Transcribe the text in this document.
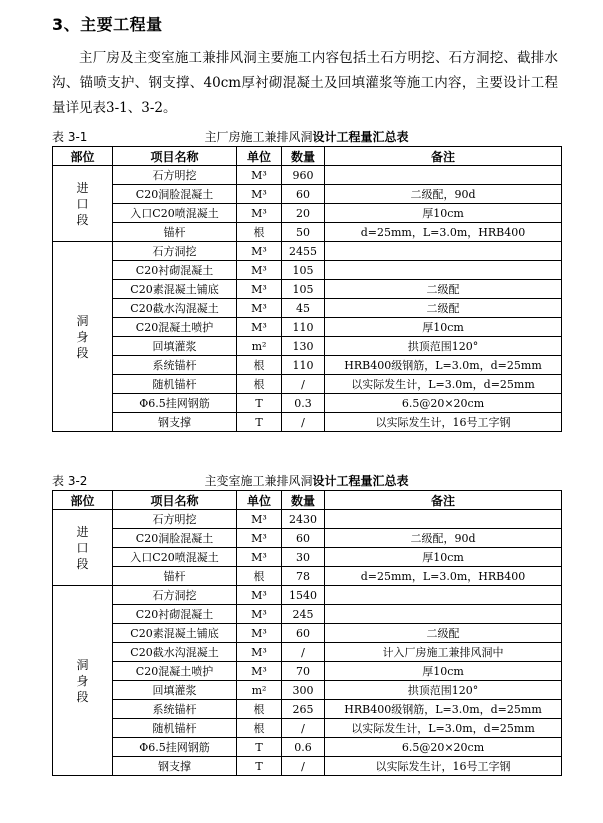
3、主要工程量
主厂房及主变室施工兼排风洞主要施工内容包括土石方明挖、石方洞挖、截排水沟、锚喷支护、钢支撑、40cm厚衬砌混凝土及回填灌浆等施工内容，主要设计工程量详见表3-1、3-2。
表 3-1	主厂房施工兼排风洞设计工程量汇总表
部位	项目名称	单位	数量	备注
进口段	石方明挖	M³	960	
	C20洞脸混凝土	M³	60	二级配，90d
	入口C20喷混凝土	M³	20	厚10cm
	锚杆	根	50	d=25mm，L=3.0m，HRB400
洞身段	石方洞挖	M³	2455	
	C20衬砌混凝土	M³	105	
	C20素混凝土铺底	M³	105	二级配
	C20截水沟混凝土	M³	45	二级配
	C20混凝土喷护	M³	110	厚10cm
	回填灌浆	m²	130	拱顶范围120°
	系统锚杆	根	110	HRB400级钢筋，L=3.0m，d=25mm
	随机锚杆	根	/	以实际发生计，L=3.0m，d=25mm
	Φ6.5挂网钢筋	T	0.3	6.5@20×20cm
	钢支撑	T	/	以实际发生计，16号工字钢
表 3-2	主变室施工兼排风洞设计工程量汇总表
部位	项目名称	单位	数量	备注
进口段	石方明挖	M³	2430	
	C20洞脸混凝土	M³	60	二级配，90d
	入口C20喷混凝土	M³	30	厚10cm
	锚杆	根	78	d=25mm，L=3.0m，HRB400
洞身段	石方洞挖	M³	1540	
	C20衬砌混凝土	M³	245	
	C20素混凝土铺底	M³	60	二级配
	C20截水沟混凝土	M³	/	计入厂房施工兼排风洞中
	C20混凝土喷护	M³	70	厚10cm
	回填灌浆	m²	300	拱顶范围120°
	系统锚杆	根	265	HRB400级钢筋，L=3.0m，d=25mm
	随机锚杆	根	/	以实际发生计，L=3.0m，d=25mm
	Φ6.5挂网钢筋	T	0.6	6.5@20×20cm
	钢支撑	T	/	以实际发生计，16号工字钢
